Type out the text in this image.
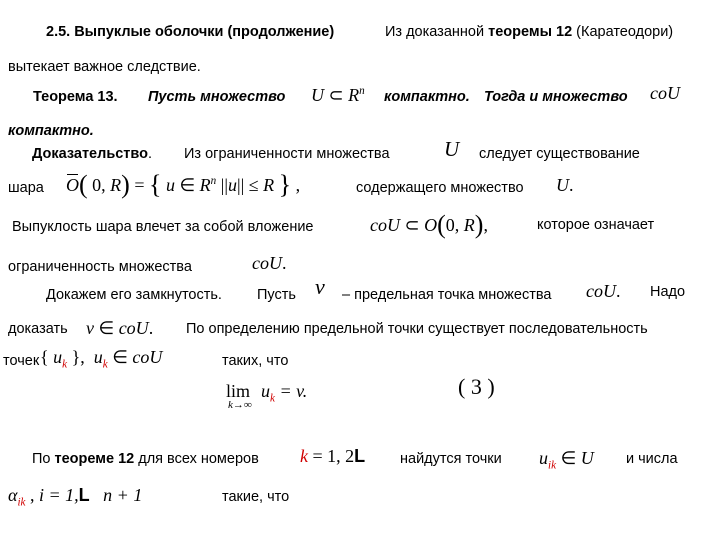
2.5. Выпуклые оболочки (продолжение)	Из доказанной теоремы 12 (Каратеодори)
вытекает важное следствие.
Теорема 13. Пусть множество U ⊂ $R^n$ компактно. Тогда и множество coU
компактно.
Доказательство. Из ограниченности множества	U следует существование
шара O( 0, R) = { u ∈ $R^n$ ||u|| ≤ R } ,	содержащего множество U.
Выпуклость шара влечет за собой вложение	coU ⊂ O(0, R),	которое означает
ограниченность множества	coU.
Докажем его замкнутость. Пусть v – предельная точка множества coU. Надо
доказать v ∈ coU. По определению предельной точки существует последовательность
точек { $u_k$ }, $u_k$ ∈ coU	таких, что
lim
k→∞
$u_k = v$.	( 3 )
По теореме 12 для всех номеров k = 1, 2L найдутся точки $u_{ik}$ ∈ U и числа
$\alpha_{ik}$ , i = 1,L n + 1	такие, что
